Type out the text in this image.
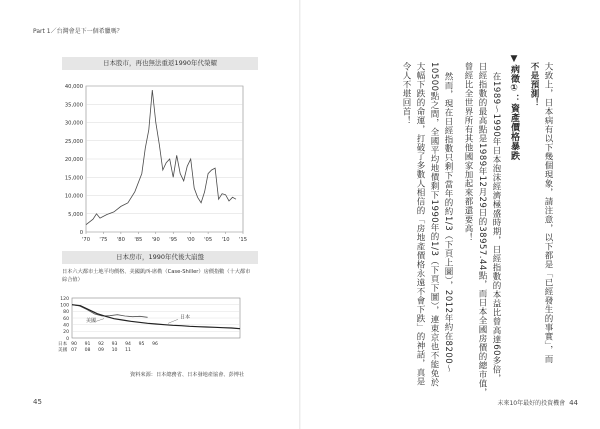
Part 1／台灣會是下一個希臘嗎？
日本股市，再也無法重返1990年代榮耀
0
5,000
10,000
15,000
20,000
25,000
30,000
35,000
40,000
'70 '75 '80 '85 '90 '95 '00 '05 '10 '15
日本房市，1990年代後大崩盤
日本六大都市土地平均價格、美國凱西-席勒（Case-Shiller）房價指數（十大都市綜合值）
0
20
40
60
80
100
120
美國
日本
日本
美國
90 91 92 93 94 95 96
07 08 09 10 11
資料來源：日本總務省、日本發地產協會、彭博社
45
大致上，日本病有以下幾個現象，請注意，以下都是「已經發生的事實」，而
不是預測！
▼病徵①：資產價格暴跌
在1989～1990年日本泡沫經濟極盛時期，日經指數的本益比曾高達60多倍，
日經指數的最高點是1989年12月29日的38957.44點，而日本全國房價的總市值，
曾經比全世界所有其他國家加起來都還要高！
然而，現在日經指數只剩下當年的約1/3（下頁上圖），2012年約在8200～
10500點之間，全國平均地價剩下1990年的1/3（下頁下圖），連東京也不能免於
大幅下跌的命運，打破了多數人相信的「房地產價格永遠不會下跌」的神話，真是
令人不堪回首！
未來10年最好的投資機會 44
